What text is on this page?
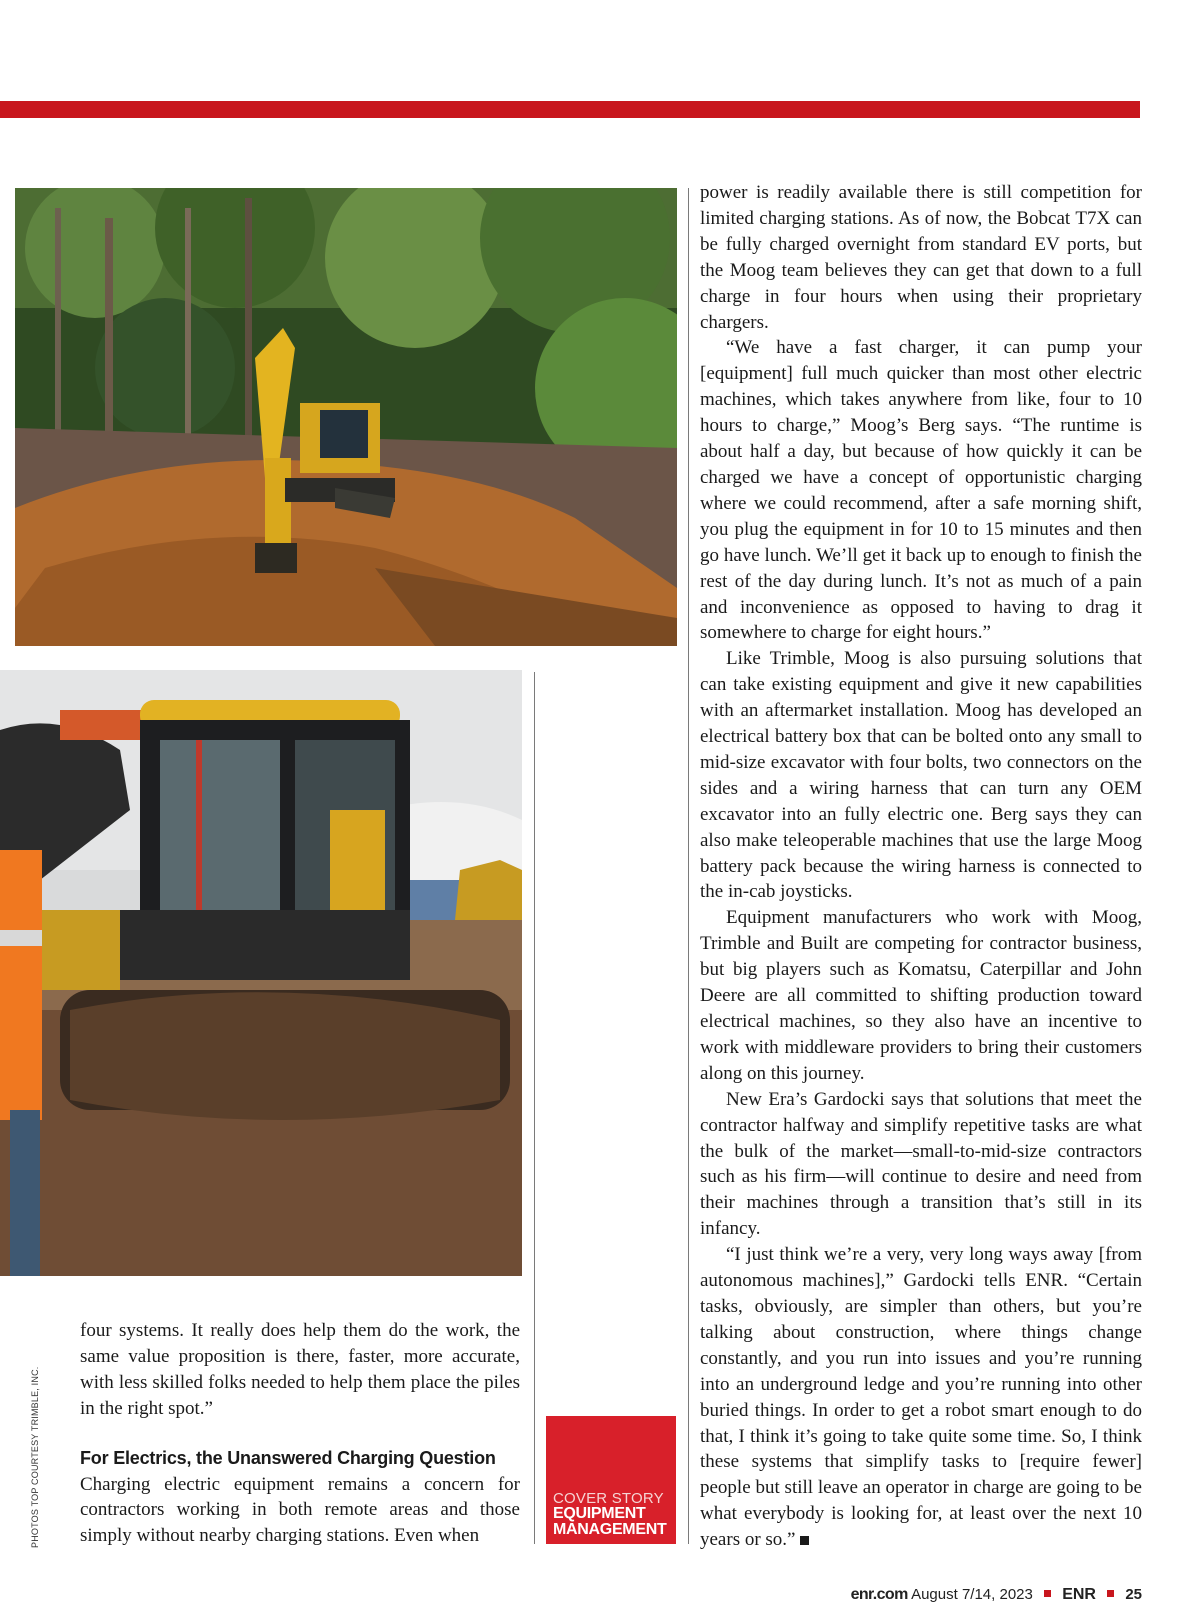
power is readily available there is still competition for limited charging stations. As of now, the Bobcat T7X can be fully charged overnight from standard EV ports, but the Moog team believes they can get that down to a full charge in four hours when using their proprietary chargers.

“We have a fast charger, it can pump your [equipment] full much quicker than most other electric machines, which takes anywhere from like, four to 10 hours to charge,” Moog’s Berg says. “The runtime is about half a day, but because of how quickly it can be charged we have a concept of opportunistic charging where we could recommend, after a safe morning shift, you plug the equipment in for 10 to 15 minutes and then go have lunch. We’ll get it back up to enough to finish the rest of the day during lunch. It’s not as much of a pain and inconvenience as opposed to having to drag it somewhere to charge for eight hours.”

Like Trimble, Moog is also pursuing solutions that can take existing equipment and give it new capabilities with an aftermarket installation. Moog has developed an electrical battery box that can be bolted onto any small to mid-size excavator with four bolts, two connectors on the sides and a wiring harness that can turn any OEM excavator into an fully electric one. Berg says they can also make teleoperable machines that use the large Moog battery pack because the wiring harness is connected to the in-cab joysticks.

Equipment manufacturers who work with Moog, Trimble and Built are competing for contractor business, but big players such as Komatsu, Caterpillar and John Deere are all committed to shifting production toward electrical machines, so they also have an incentive to work with middleware providers to bring their customers along on this journey.

New Era’s Gardocki says that solutions that meet the contractor halfway and simplify repetitive tasks are what the bulk of the market—small-to-mid-size contractors such as his firm—will continue to desire and need from their machines through a transition that’s still in its infancy.

“I just think we’re a very, very long ways away [from autonomous machines],” Gardocki tells ENR. “Certain tasks, obviously, are simpler than others, but you’re talking about construction, where things change constantly, and you run into issues and you’re running into an underground ledge and you’re running into other buried things. In order to get a robot smart enough to do that, I think it’s going to take quite some time. So, I think these systems that simplify tasks to [require fewer] people but still leave an operator in charge are going to be what everybody is looking for, at least over the next 10 years or so.”

four systems. It really does help them do the work, the same value proposition is there, faster, more accurate, with less skilled folks needed to help them place the piles in the right spot.”

For Electrics, the Unanswered Charging Question

Charging electric equipment remains a concern for contractors working in both remote areas and those simply without nearby charging stations. Even when

PHOTOS TOP COURTESY TRIMBLE, INC.	COVER STORY
EQUIPMENT
MANAGEMENT
enr.com August 7/14, 2023 ENR 25
